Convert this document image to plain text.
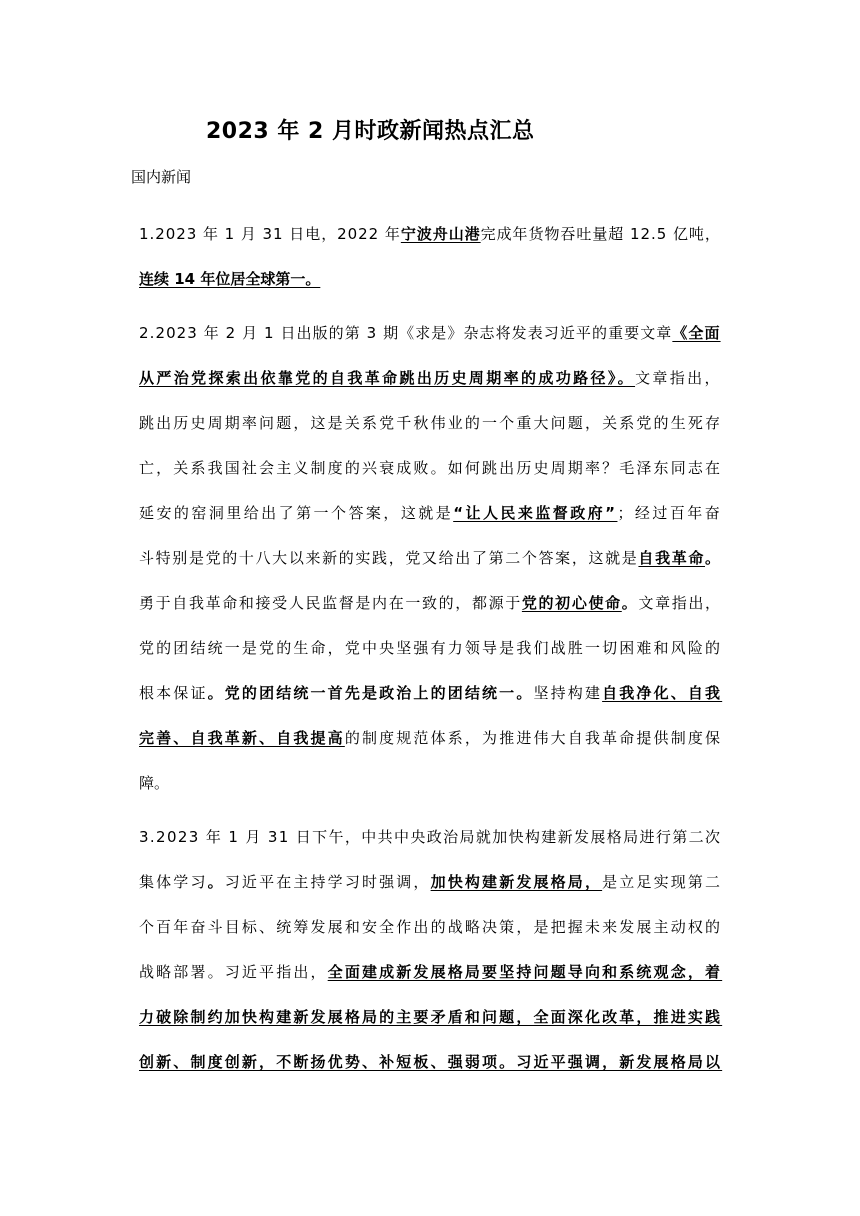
2023 年 2 月时政新闻热点汇总
国内新闻
1.2023 年 1 月 31 日电，2022 年宁波舟山港完成年货物吞吐量超 12.5 亿吨，
连续 14 年位居全球第一。
2.2023 年 2 月 1 日出版的第 3 期《求是》杂志将发表习近平的重要文章《全面
从严治党探索出依靠党的自我革命跳出历史周期率的成功路径》。文章指出，
跳出历史周期率问题，这是关系党千秋伟业的一个重大问题，关系党的生死存
亡，关系我国社会主义制度的兴衰成败。如何跳出历史周期率？毛泽东同志在
延安的窑洞里给出了第一个答案，这就是“让人民来监督政府”；经过百年奋
斗特别是党的十八大以来新的实践，党又给出了第二个答案，这就是自我革命。
勇于自我革命和接受人民监督是内在一致的，都源于党的初心使命。文章指出，
党的团结统一是党的生命，党中央坚强有力领导是我们战胜一切困难和风险的
根本保证。党的团结统一首先是政治上的团结统一。坚持构建自我净化、自我
完善、自我革新、自我提高的制度规范体系，为推进伟大自我革命提供制度保
障。
3.2023 年 1 月 31 日下午，中共中央政治局就加快构建新发展格局进行第二次
集体学习。习近平在主持学习时强调，加快构建新发展格局，是立足实现第二
个百年奋斗目标、统筹发展和安全作出的战略决策，是把握未来发展主动权的
战略部署。习近平指出，全面建成新发展格局要坚持问题导向和系统观念，着
力破除制约加快构建新发展格局的主要矛盾和问题，全面深化改革，推进实践
创新、制度创新，不断扬优势、补短板、强弱项。习近平强调，新发展格局以
